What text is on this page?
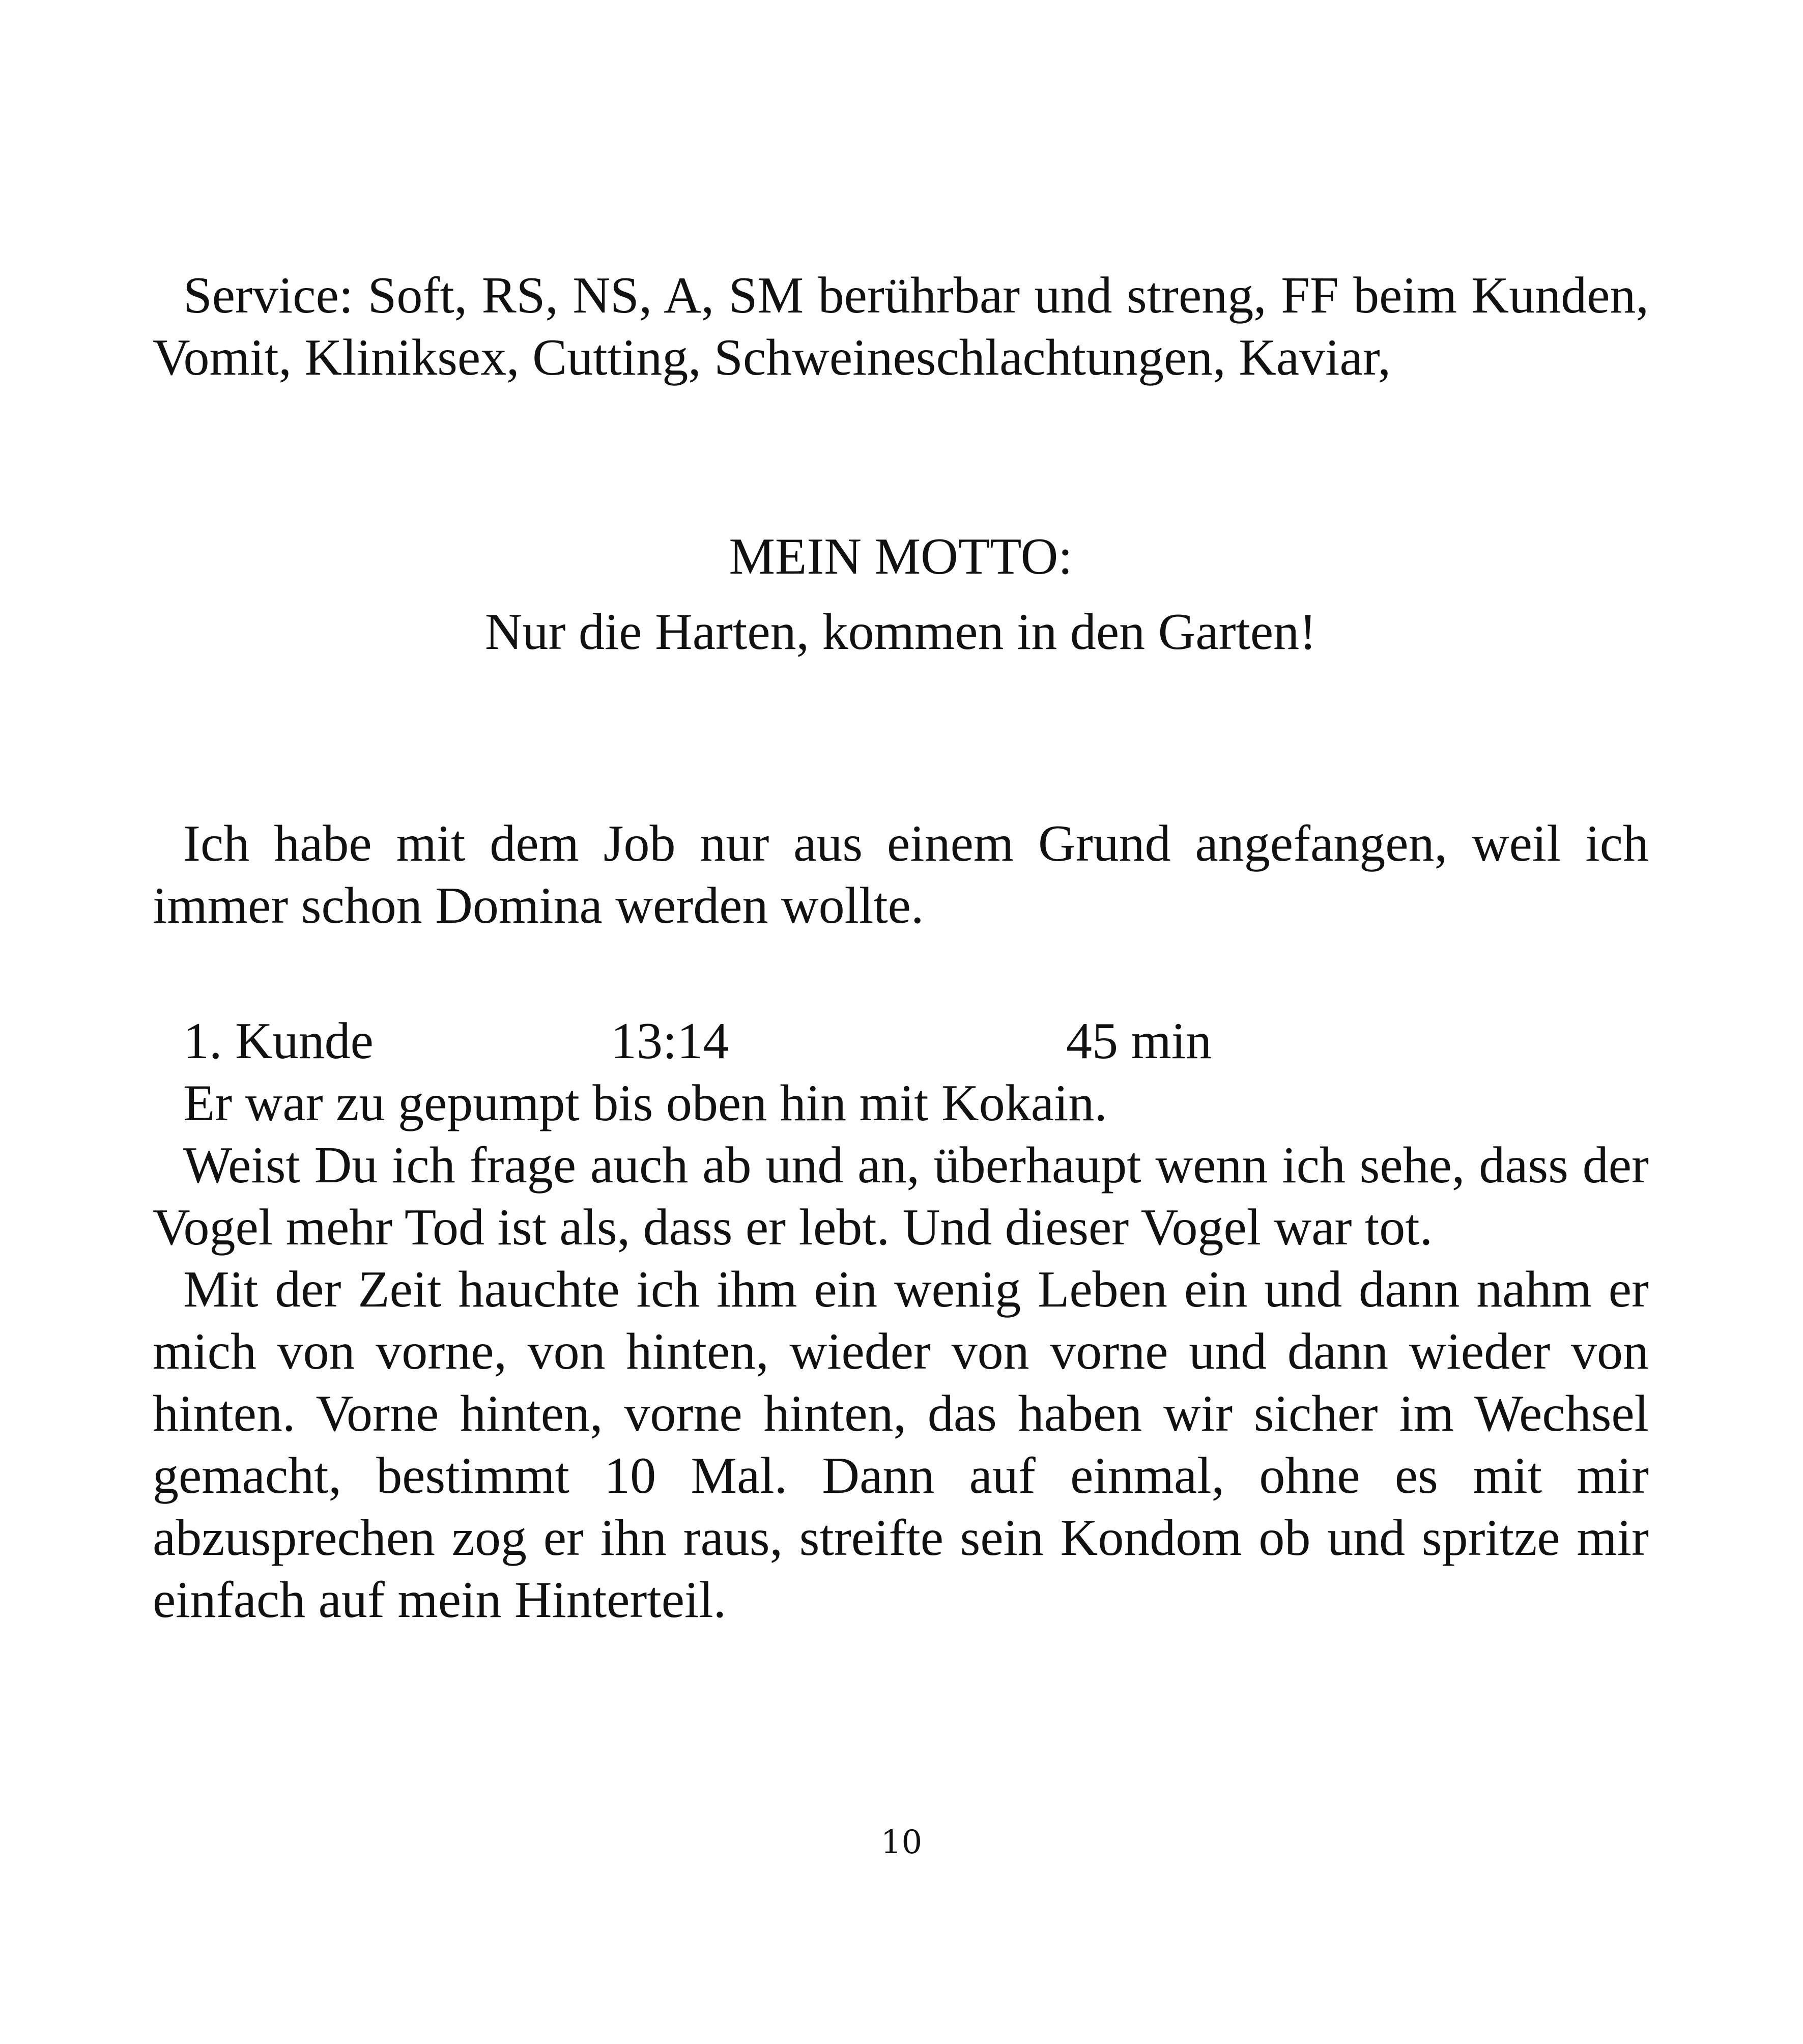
Service: Soft, RS, NS, A, SM berührbar und streng, FF beim Kunden, Vomit, Kliniksex, Cutting, Schweineschlachtungen, Kaviar,

MEIN MOTTO:
Nur die Harten, kommen in den Garten!

Ich habe mit dem Job nur aus einem Grund angefangen, weil ich immer schon Domina werden wollte.

1. Kunde	13:14	45 min

Er war zu gepumpt bis oben hin mit Kokain.

Weist Du ich frage auch ab und an, überhaupt wenn ich sehe, dass der Vogel mehr Tod ist als, dass er lebt. Und dieser Vogel war tot.

Mit der Zeit hauchte ich ihm ein wenig Leben ein und dann nahm er mich von vorne, von hinten, wieder von vorne und dann wieder von hinten. Vorne hinten, vorne hinten, das haben wir sicher im Wechsel gemacht, bestimmt 10 Mal. Dann auf einmal, ohne es mit mir abzusprechen zog er ihn raus, streifte sein Kondom ob und spritze mir einfach auf mein Hinterteil.

10
